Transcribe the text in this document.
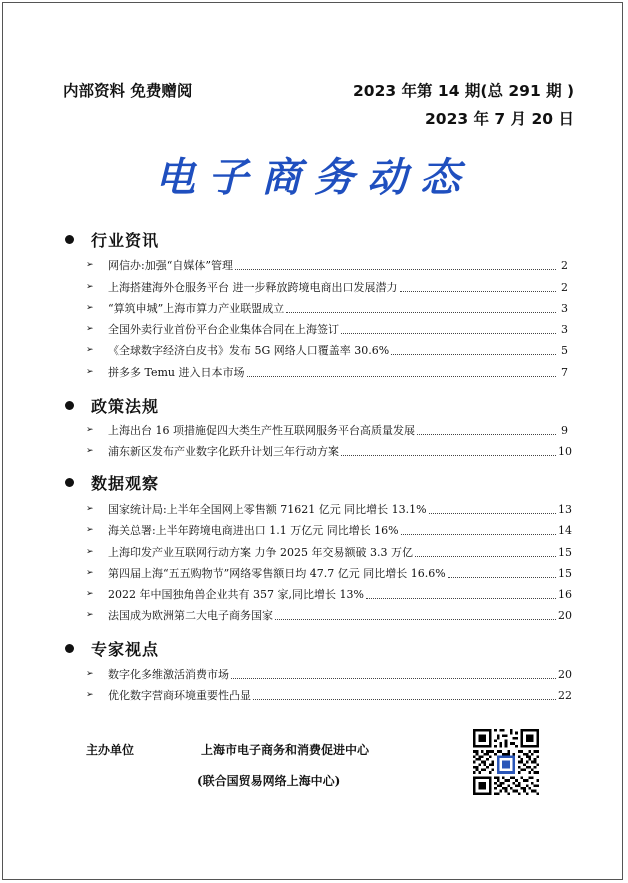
内部资料 免费赠阅	2023 年第 14 期(总 291 期 )
2023 年 7 月 20 日
电子商务动态
行业资讯
➢	网信办:加强“自媒体”管理	2
➢	上海搭建海外仓服务平台 进一步释放跨境电商出口发展潜力	2
➢	“算筑申城”上海市算力产业联盟成立	3
➢	全国外卖行业首份平台企业集体合同在上海签订	3
➢	《全球数字经济白皮书》发布 5G 网络人口覆盖率 30.6%	5
➢	拼多多 Temu 进入日本市场	7
政策法规
➢	上海出台 16 项措施促四大类生产性互联网服务平台高质量发展	9
➢	浦东新区发布产业数字化跃升计划三年行动方案	10
数据观察
➢	国家统计局:上半年全国网上零售额 71621 亿元 同比增长 13.1%	13
➢	海关总署:上半年跨境电商进出口 1.1 万亿元 同比增长 16%	14
➢	上海印发产业互联网行动方案 力争 2025 年交易额破 3.3 万亿	15
➢	第四届上海“五五购物节”网络零售额日均 47.7 亿元 同比增长 16.6%	15
➢	2022 年中国独角兽企业共有 357 家,同比增长 13%	16
➢	法国成为欧洲第二大电子商务国家	20
专家视点
➢	数字化多维激活消费市场	20
➢	优化数字营商环境重要性凸显	22
主办单位	上海市电子商务和消费促进中心
(联合国贸易网络上海中心)
